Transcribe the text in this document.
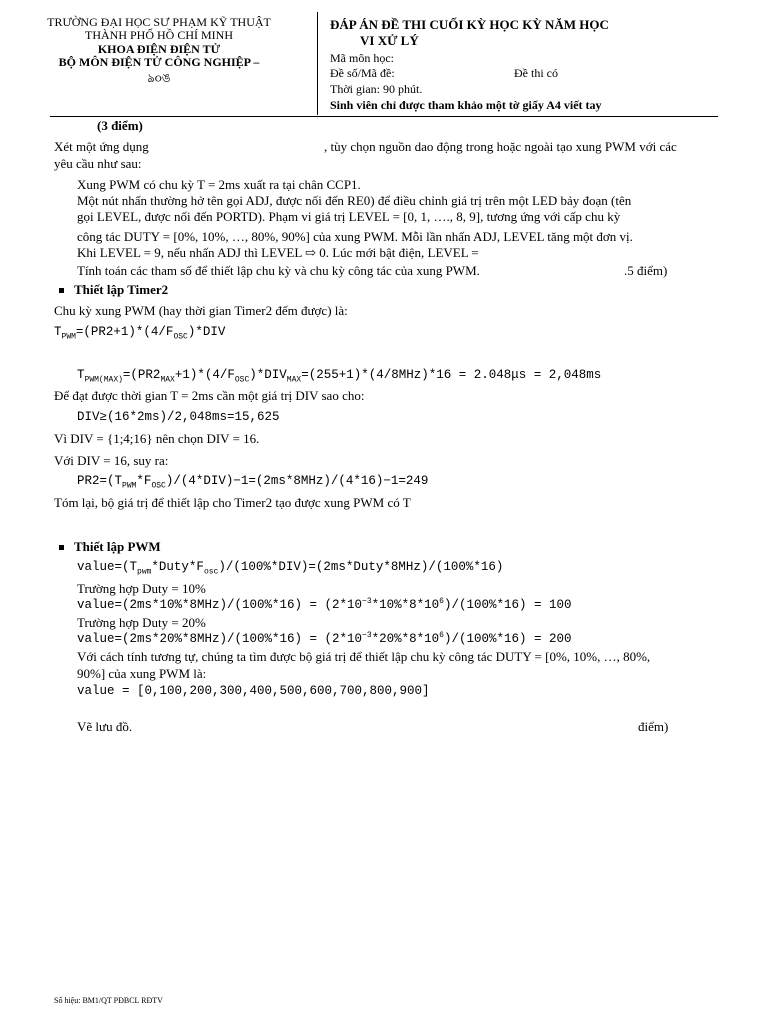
TRƯỜNG ĐẠI HỌC SƯ PHẠM KỸ THUẬT
THÀNH PHỐ HỒ CHÍ MINH
KHOA ĐIỆN ĐIỆN TỬ
BỘ MÔN ĐIỆN TỬ CÔNG NGHIỆP –
ঌ૦ঙ
ĐÁP ÁN ĐỀ THI CUỐI KỲ HỌC KỲ NĂM HỌC
VI XỬ LÝ
Mã môn học:
Đề số/Mã đề:	Đề thi có
Thời gian: 90 phút.
Sinh viên chỉ được tham khảo một tờ giấy A4 viết tay
(3 điểm)
Xét một ứng dụng	, tùy chọn nguồn dao động trong hoặc ngoài tạo xung PWM với các
yêu cầu như sau:
Xung PWM có chu kỳ T = 2ms xuất ra tại chân CCP1.
Một nút nhấn thường hở tên gọi ADJ, được nối đến RE0) để điều chỉnh giá trị trên một LED bảy đoạn (tên
gọi LEVEL, được nối đến PORTD). Phạm vi giá trị LEVEL = [0, 1, …., 8, 9], tương ứng với cấp chu kỳ
công tác DUTY = [0%, 10%, …, 80%, 90%] của xung PWM. Mỗi lần nhấn ADJ, LEVEL tăng một đơn vị.
Khi LEVEL = 9, nếu nhấn ADJ thì LEVEL ⇨ 0. Lúc mới bật điện, LEVEL =
Tính toán các tham số để thiết lập chu kỳ và chu kỳ công tác của xung PWM.	.5 điểm)
Thiết lập Timer2
Chu kỳ xung PWM (hay thời gian Timer2 đếm được) là:
$T_{PWM}=(PR2+1)*(4/F_{OSC})*DIV$
$T_{PWM(MAX)}=(PR2_{MAX}+1)*(4/F_{OSC})*DIV_{MAX}=(255+1)*(4/8MHz)*16 = 2.048\mu s = 2,048ms$
Để đạt được thời gian T = 2ms cần một giá trị DIV sao cho:
DIV≥(16*2ms)/2,048ms=15,625
Vì DIV = {1;4;16} nên chọn DIV = 16.
Với DIV = 16, suy ra:
$PR2=(T_{PWM}*F_{OSC})/(4*DIV)-1=(2ms*8MHz)/(4*16)-1=249$
Tóm lại, bộ giá trị để thiết lập cho Timer2 tạo được xung PWM có T
Thiết lập PWM
$value=(T_{pwm}*Duty*F_{osc})/(100\%*DIV)=(2ms*Duty*8MHz)/(100\%*16)$
Trường hợp Duty = 10%
value=(2ms*10%*8MHz)/(100%*16) = $(2*10^{-3}*10\%*8*10^6)/(100\%*16) = 100$
Trường hợp Duty = 20%
value=(2ms*20%*8MHz)/(100%*16) = $(2*10^{-3}*20\%*8*10^6)/(100\%*16) = 200$
Với cách tính tương tự, chúng ta tìm được bộ giá trị để thiết lập chu kỳ công tác DUTY = [0%, 10%, …, 80%,
90%] của xung PWM là:
value = [0,100,200,300,400,500,600,700,800,900]
Vẽ lưu đồ.	điểm)
Số hiệu: BM1/QT PĐBCL RĐTV
